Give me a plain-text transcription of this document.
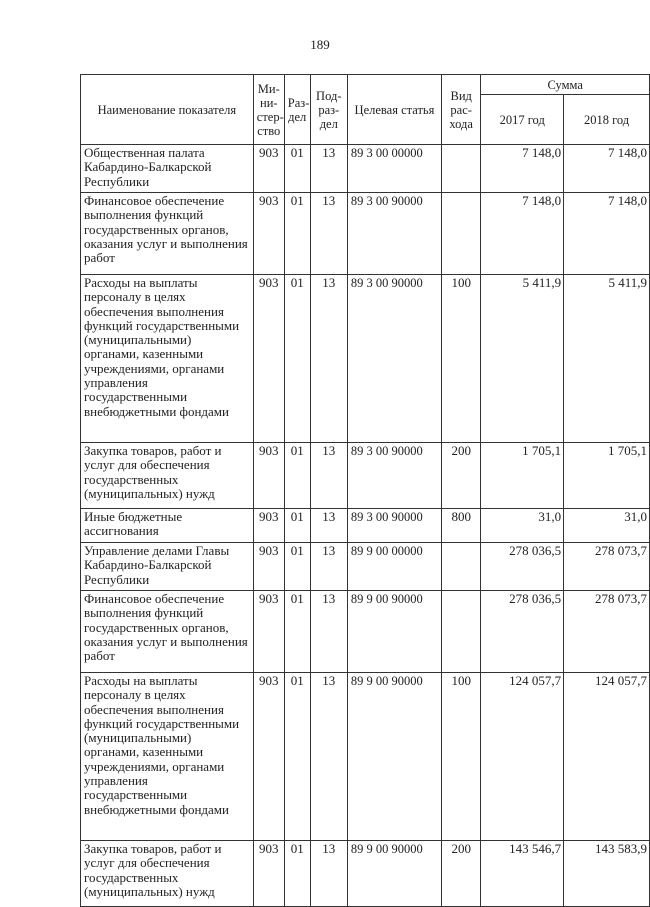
189
Наименование показателя	Ми-ни-стер-ство	Раз-дел	Под-раз-дел	Целевая статья	Вид рас-хода	Сумма	
						2017 год	2018 год
Общественная палата Кабардино-Балкарской Республики	903	01	13	89 3 00 00000		7 148,0	7 148,0
Финансовое обеспечение выполнения функций государственных органов, оказания услуг и выполнения работ	903	01	13	89 3 00 90000		7 148,0	7 148,0
Расходы на выплаты персоналу в целях обеспечения выполнения функций государственными (муниципальными) органами, казенными учреждениями, органами управления государственными внебюджетными фондами	903	01	13	89 3 00 90000	100	5 411,9	5 411,9
Закупка товаров, работ и услуг для обеспечения государственных (муниципальных) нужд	903	01	13	89 3 00 90000	200	1 705,1	1 705,1
Иные бюджетные ассигнования	903	01	13	89 3 00 90000	800	31,0	31,0
Управление делами Главы Кабардино-Балкарской Республики	903	01	13	89 9 00 00000		278 036,5	278 073,7
Финансовое обеспечение выполнения функций государственных органов, оказания услуг и выполнения работ	903	01	13	89 9 00 90000		278 036,5	278 073,7
Расходы на выплаты персоналу в целях обеспечения выполнения функций государственными (муниципальными) органами, казенными учреждениями, органами управления государственными внебюджетными фондами	903	01	13	89 9 00 90000	100	124 057,7	124 057,7
Закупка товаров, работ и услуг для обеспечения государственных (муниципальных) нужд	903	01	13	89 9 00 90000	200	143 546,7	143 583,9
